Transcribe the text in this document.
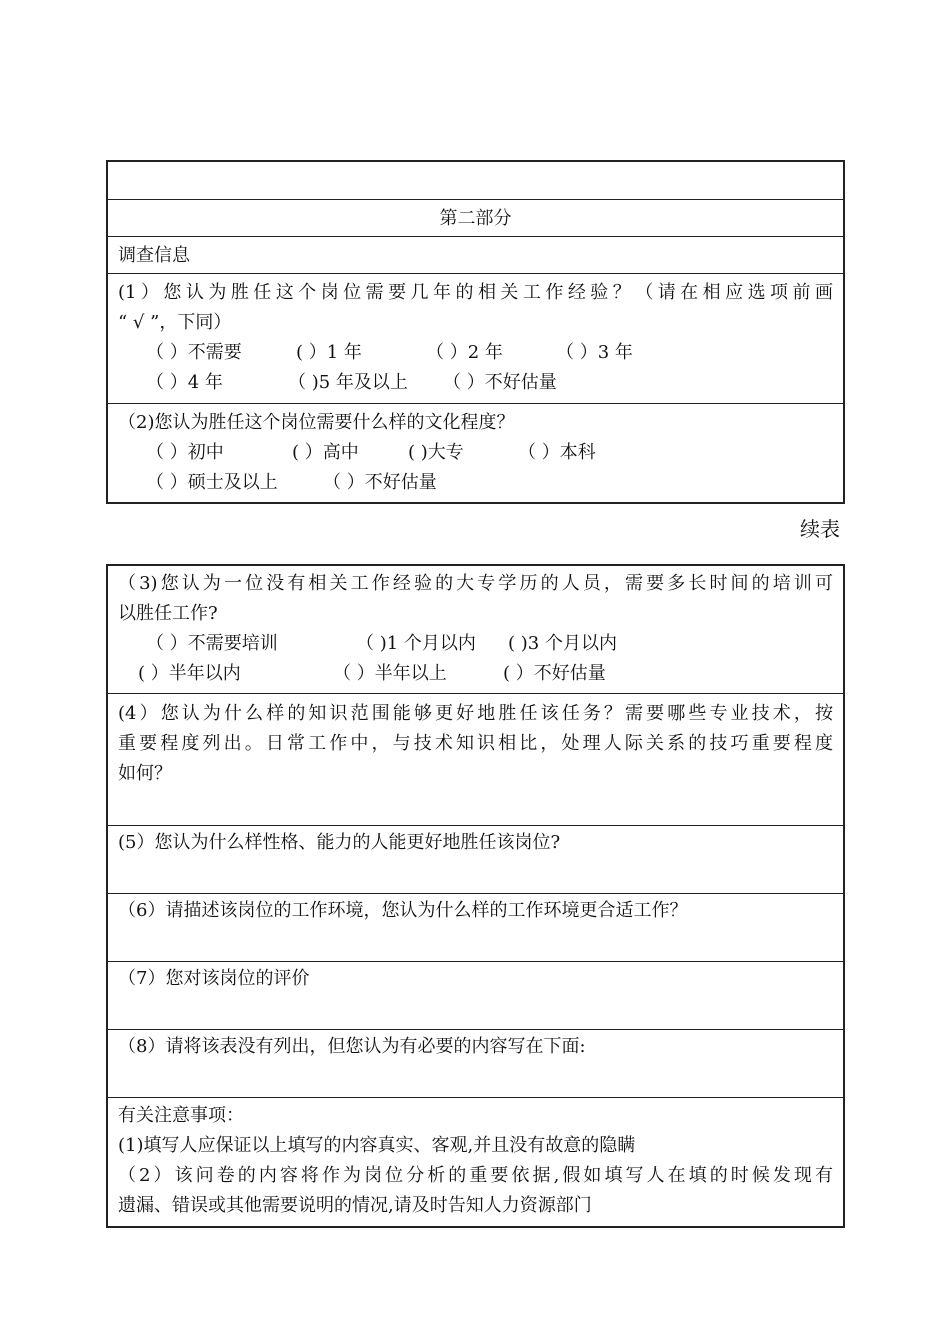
第二部分
调查信息
(1）您认为胜任这个岗位需要几年的相关工作经验？（请在相应选项前画
“ √ ”，下同）
（ ）不需要	( ）1 年	（ ）2 年	（ ）3 年
（ ）4 年	（ )5 年及以上 （ ）不好估量
（2)您认为胜任这个岗位需要什么样的文化程度？
（ ）初中	( ）高中	( )大专	（ ）本科
（ ）硕士及以上	（ ）不好估量
续表
（3)您认为一位没有相关工作经验的大专学历的人员，需要多长时间的培训可
以胜任工作?
（ ）不需要培训	（ )1 个月以内 ( )3 个月以内
( ）半年以内	（ ）半年以上	( ）不好估量
(4）您认为什么样的知识范围能够更好地胜任该任务？需要哪些专业技术，按
重要程度列出。日常工作中，与技术知识相比，处理人际关系的技巧重要程度
如何？
(5）您认为什么样性格、能力的人能更好地胜任该岗位?
（6）请描述该岗位的工作环境，您认为什么样的工作环境更合适工作？
（7）您对该岗位的评价
（8）请将该表没有列出，但您认为有必要的内容写在下面:
有关注意事项：
(1)填写人应保证以上填写的内容真实、客观,并且没有故意的隐瞒
（2）该问卷的内容将作为岗位分析的重要依据,假如填写人在填的时候发现有
遗漏、错误或其他需要说明的情况,请及时告知人力资源部门
